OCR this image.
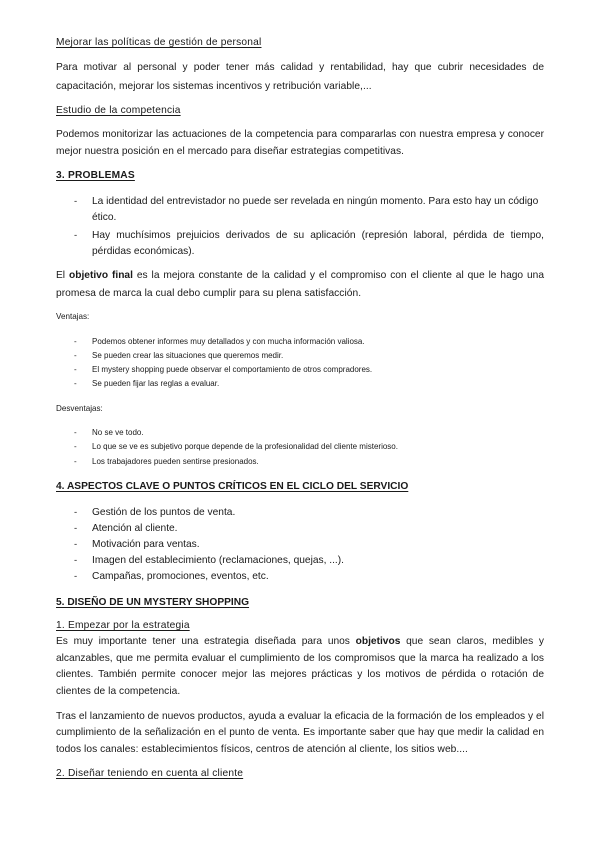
Mejorar las políticas de gestión de personal
Para motivar al personal y poder tener más calidad y rentabilidad, hay que cubrir necesidades de
capacitación, mejorar los sistemas incentivos y retribución variable,...
Estudio de la competencia
Podemos monitorizar las actuaciones de la competencia para compararlas con nuestra empresa y conocer
mejor nuestra posición en el mercado para diseñar estrategias competitivas.
3. PROBLEMAS
- La identidad del entrevistador no puede ser revelada en ningún momento. Para esto hay un código
ético.
- Hay muchísimos prejuicios derivados de su aplicación (represión laboral, pérdida de tiempo,
pérdidas económicas).
El objetivo final es la mejora constante de la calidad y el compromiso con el cliente al que le hago una
promesa de marca la cual debo cumplir para su plena satisfacción.
Ventajas:
- Podemos obtener informes muy detallados y con mucha información valiosa.
- Se pueden crear las situaciones que queremos medir.
- El mystery shopping puede observar el comportamiento de otros compradores.
- Se pueden fijar las reglas a evaluar.
Desventajas:
- No se ve todo.
- Lo que se ve es subjetivo porque depende de la profesionalidad del cliente misterioso.
- Los trabajadores pueden sentirse presionados.
4. ASPECTOS CLAVE O PUNTOS CRÍTICOS EN EL CICLO DEL SERVICIO
- Gestión de los puntos de venta.
- Atención al cliente.
- Motivación para ventas.
- Imagen del establecimiento (reclamaciones, quejas, ...).
- Campañas, promociones, eventos, etc.
5. DISEÑO DE UN MYSTERY SHOPPING
1. Empezar por la estrategia
Es muy importante tener una estrategia diseñada para unos objetivos que sean claros, medibles y
alcanzables, que me permita evaluar el cumplimiento de los compromisos que la marca ha realizado a los
clientes. También permite conocer mejor las mejores prácticas y los motivos de pérdida o rotación de
clientes de la competencia.
Tras el lanzamiento de nuevos productos, ayuda a evaluar la eficacia de la formación de los empleados y el
cumplimiento de la señalización en el punto de venta. Es importante saber que hay que medir la calidad en
todos los canales: establecimientos físicos, centros de atención al cliente, los sitios web....
2. Diseñar teniendo en cuenta al cliente
